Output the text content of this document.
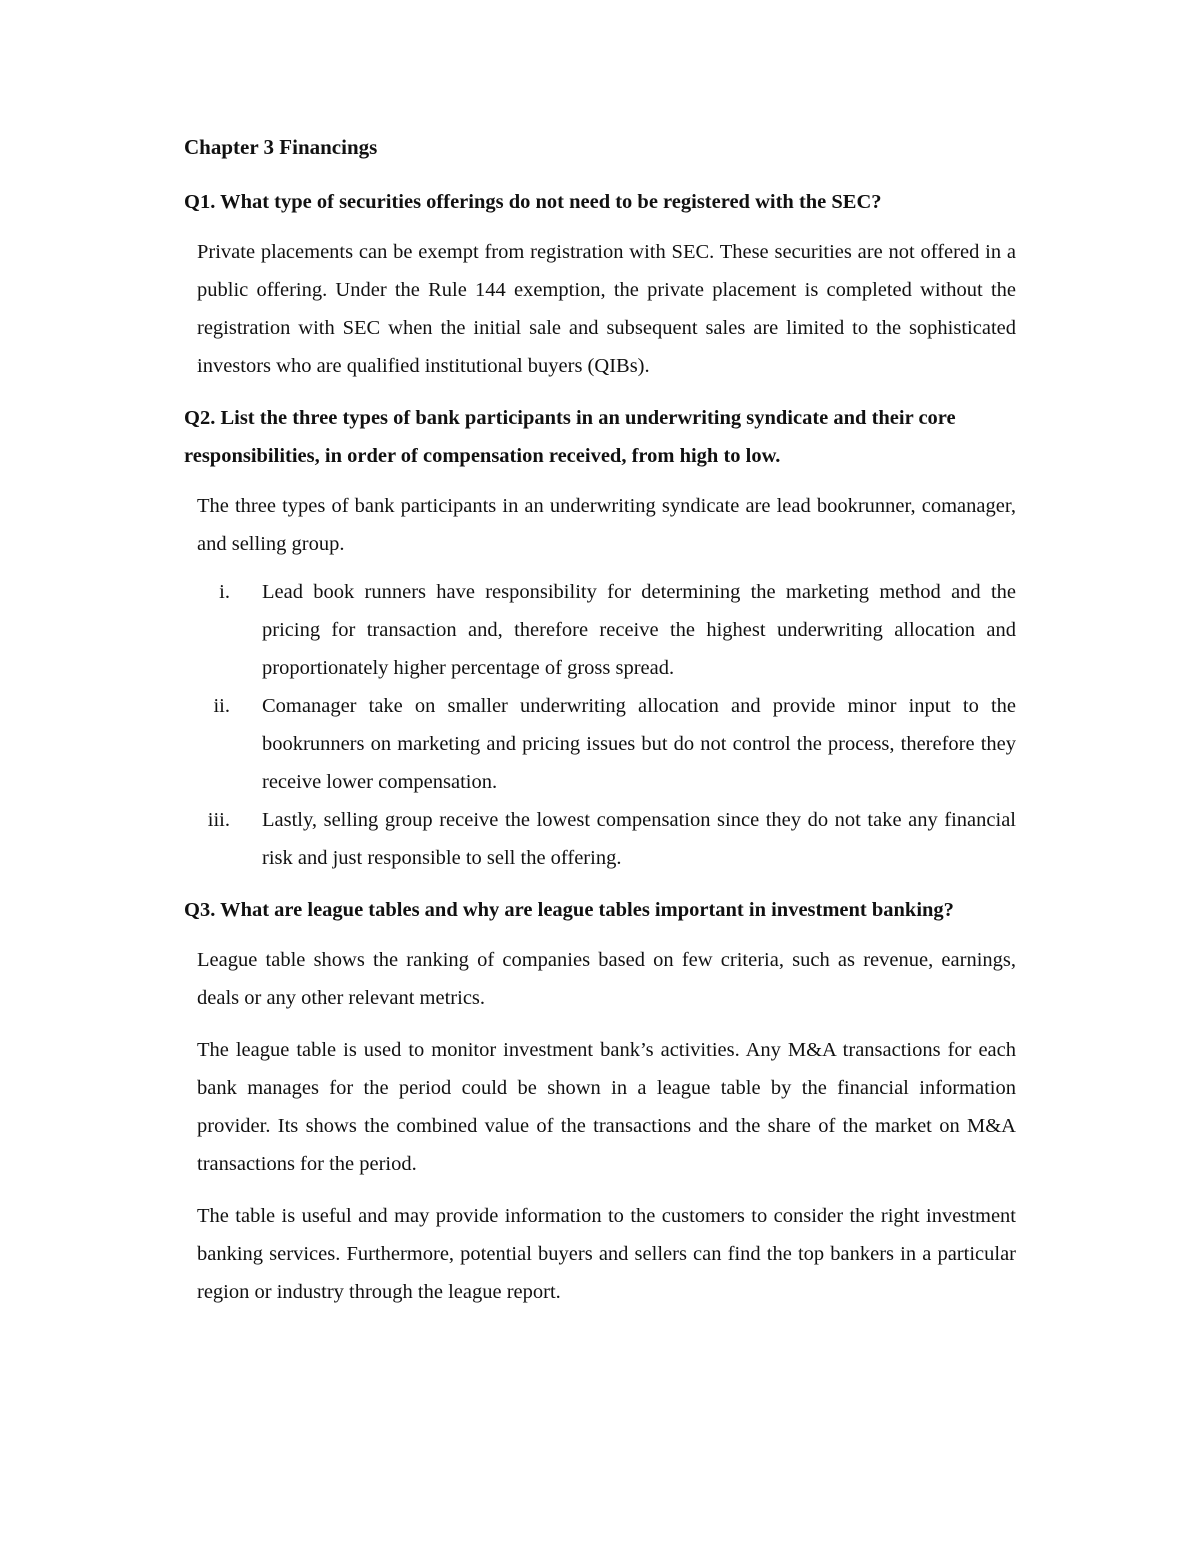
Chapter 3 Financings
Q1. What type of securities offerings do not need to be registered with the SEC?

Private placements can be exempt from registration with SEC. These securities are not offered in a public offering. Under the Rule 144 exemption, the private placement is completed without the registration with SEC when the initial sale and subsequent sales are limited to the sophisticated investors who are qualified institutional buyers (QIBs).

Q2. List the three types of bank participants in an underwriting syndicate and their core responsibilities, in order of compensation received, from high to low.

The three types of bank participants in an underwriting syndicate are lead bookrunner, comanager, and selling group.

i. Lead book runners have responsibility for determining the marketing method and the pricing for transaction and, therefore receive the highest underwriting allocation and proportionately higher percentage of gross spread.
ii. Comanager take on smaller underwriting allocation and provide minor input to the bookrunners on marketing and pricing issues but do not control the process, therefore they receive lower compensation.
iii. Lastly, selling group receive the lowest compensation since they do not take any financial risk and just responsible to sell the offering.
Q3. What are league tables and why are league tables important in investment banking?

League table shows the ranking of companies based on few criteria, such as revenue, earnings, deals or any other relevant metrics.

The league table is used to monitor investment bank’s activities. Any M&A transactions for each bank manages for the period could be shown in a league table by the financial information provider. Its shows the combined value of the transactions and the share of the market on M&A transactions for the period.

The table is useful and may provide information to the customers to consider the right investment banking services. Furthermore, potential buyers and sellers can find the top bankers in a particular region or industry through the league report.
